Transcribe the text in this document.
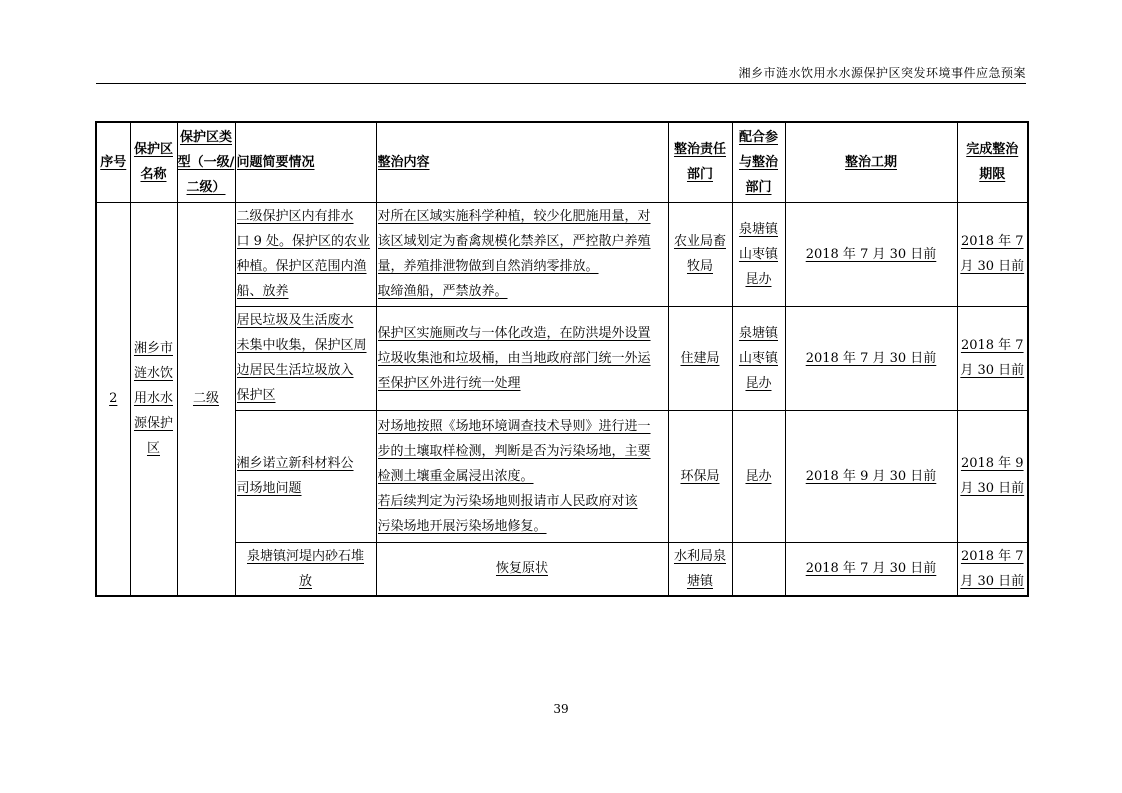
湘乡市涟水饮用水水源保护区突发环境事件应急预案
序号	保护区
名称	保护区类
型（一级/
二级）	问题简要情况	整治内容	整治责任
部门	配合参
与整治
部门	整治工期	完成整治
期限

2	湘乡市
涟水饮
用水水
源保护
区	二级	二级保护区内有排水
口 9 处。保护区的农业
种植。保护区范围内渔
船、放养	对所在区域实施科学种植，较少化肥施用量，对
该区域划定为畜禽规模化禁养区，严控散户养殖
量，养殖排泄物做到自然消纳零排放。
取缔渔船，严禁放养。	农业局畜
牧局	泉塘镇
山枣镇
昆办	2018 年 7 月 30 日前	2018 年 7
月 30 日前

			居民垃圾及生活废水
未集中收集，保护区周
边居民生活垃圾放入
保护区	保护区实施厕改与一体化改造，在防洪堤外设置
垃圾收集池和垃圾桶，由当地政府部门统一外运
至保护区外进行统一处理	住建局	泉塘镇
山枣镇
昆办	2018 年 7 月 30 日前	2018 年 7
月 30 日前

			湘乡诺立新科材料公
司场地问题	对场地按照《场地环境调查技术导则》进行进一
步的土壤取样检测，判断是否为污染场地，主要
检测土壤重金属浸出浓度。
若后续判定为污染场地则报请市人民政府对该
污染场地开展污染场地修复。	环保局	昆办	2018 年 9 月 30 日前	2018 年 9
月 30 日前

			泉塘镇河堤内砂石堆
放	恢复原状	水利局泉
塘镇		2018 年 7 月 30 日前	2018 年 7
月 30 日前
39
